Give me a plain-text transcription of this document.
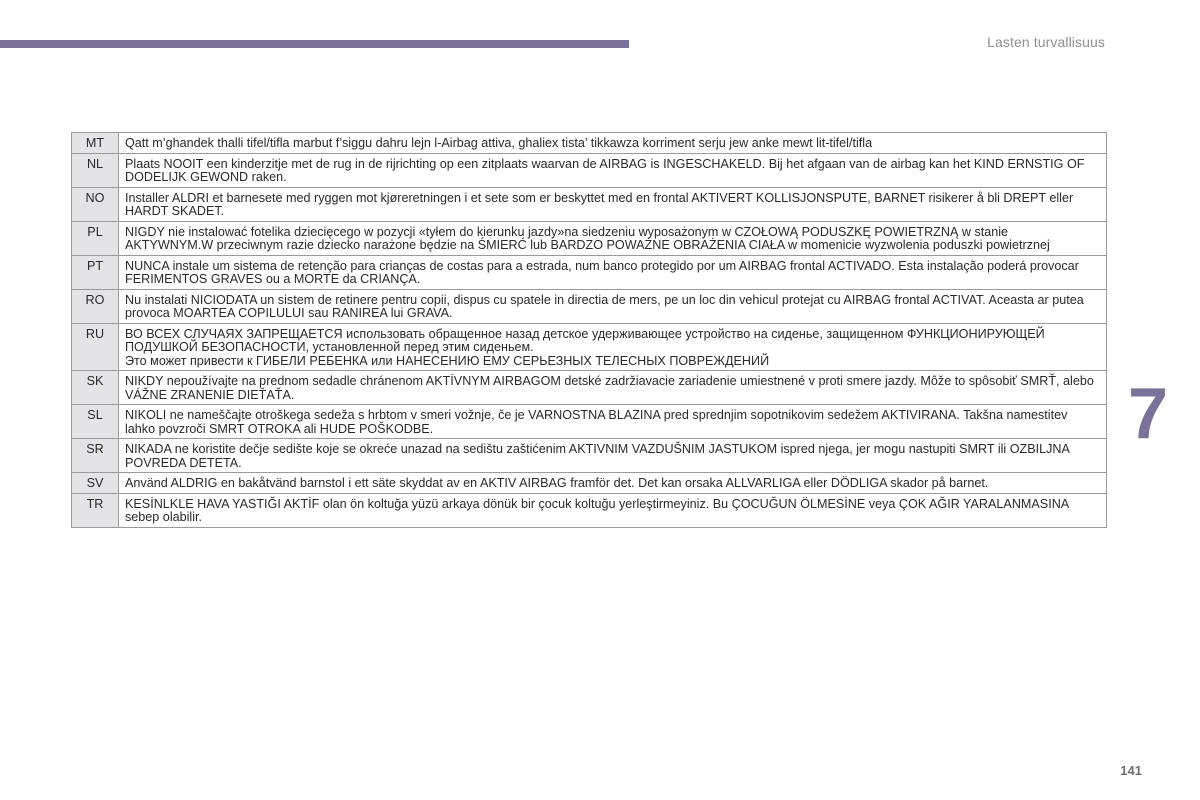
Lasten turvallisuus
MT	Qatt m’ghandek thalli tifel/tifla marbut f’siggu dahru lejn l-Airbag attiva, ghaliex tista’ tikkawza korriment serju jew anke mewt lit-tifel/tifla
NL	Plaats NOOIT een kinderzitje met de rug in de rijrichting op een zitplaats waarvan de AIRBAG is INGESCHAKELD. Bij het afgaan van de airbag kan het KIND ERNSTIG OF DODELIJK GEWOND raken.
NO	Installer ALDRI et barnesete med ryggen mot kjøreretningen i et sete som er beskyttet med en frontal AKTIVERT KOLLISJONSPUTE, BARNET risikerer å bli DREPT eller HARDT SKADET.
PL	NIGDY nie instalować fotelika dziecięcego w pozycji «tyłem do kierunku jazdy»na siedzeniu wyposażonym w CZOŁOWĄ PODUSZKĘ POWIETRZNĄ w stanie AKTYWNYM.W przeciwnym razie dziecko narażone będzie na ŚMIERĆ lub BARDZO POWAŻNE OBRAŻENIA CIAŁA w momenicie wyzwolenia poduszki powietrznej
PT	NUNCA instale um sistema de retenção para crianças de costas para a estrada, num banco protegido por um AIRBAG frontal ACTIVADO. Esta instalação poderá provocar FERIMENTOS GRAVES ou a MORTE da CRIANÇA.
RO	Nu instalati NICIODATA un sistem de retinere pentru copii, dispus cu spatele in directia de mers, pe un loc din vehicul protejat cu AIRBAG frontal ACTIVAT. Aceasta ar putea provoca MOARTEA COPILULUI sau RANIREA lui GRAVA.
RU	ВО ВСЕХ СЛУЧАЯХ ЗАПРЕЩАЕТСЯ использовать обращенное назад детское удерживающее устройство на сиденье, защищенном ФУНКЦИОНИРУЮЩЕЙ ПОДУШКОЙ БЕЗОПАСНОСТИ, установленной перед этим сиденьем.
Это может привести к ГИБЕЛИ РЕБЕНКА или НАНЕСЕНИЮ ЕМУ СЕРЬЕЗНЫХ ТЕЛЕСНЫХ ПОВРЕЖДЕНИЙ
SK	NIKDY nepoužívajte na prednom sedadle chránenom AKTÍVNYM AIRBAGOM detské zadržiavacie zariadenie umiestnené v proti smere jazdy. Môže to spôsobiť SMRŤ, alebo VÁŽNE ZRANENIE DIEŤAŤA.
SL	NIKOLI ne nameščajte otroškega sedeža s hrbtom v smeri vožnje, če je VARNOSTNA BLAZINA pred sprednjim sopotnikovim sedežem AKTIVIRANA. Takšna namestitev lahko povzroči SMRT OTROKA ali HUDE POŠKODBE.
SR	NIKADA ne koristite dečje sedište koje se okreće unazad na sedištu zaštićenim AKTIVNIM VAZDUŠNIM JASTUKOM ispred njega, jer mogu nastupiti SMRT ili OZBILJNA POVREDA DETETA.
SV	Använd ALDRIG en bakåtvänd barnstol i ett säte skyddat av en AKTIV AIRBAG framför det. Det kan orsaka ALLVARLIGA eller DÖDLIGA skador på barnet.
TR	KESİNLKLE HAVA YASTIĞI AKTİF olan ön koltuğa yüzü arkaya dönük bir çocuk koltuğu yerleştirmeyiniz. Bu ÇOCUĞUN ÖLMESİNE veya ÇOK AĞIR YARALANMASINA sebep olabilir.
7
141
